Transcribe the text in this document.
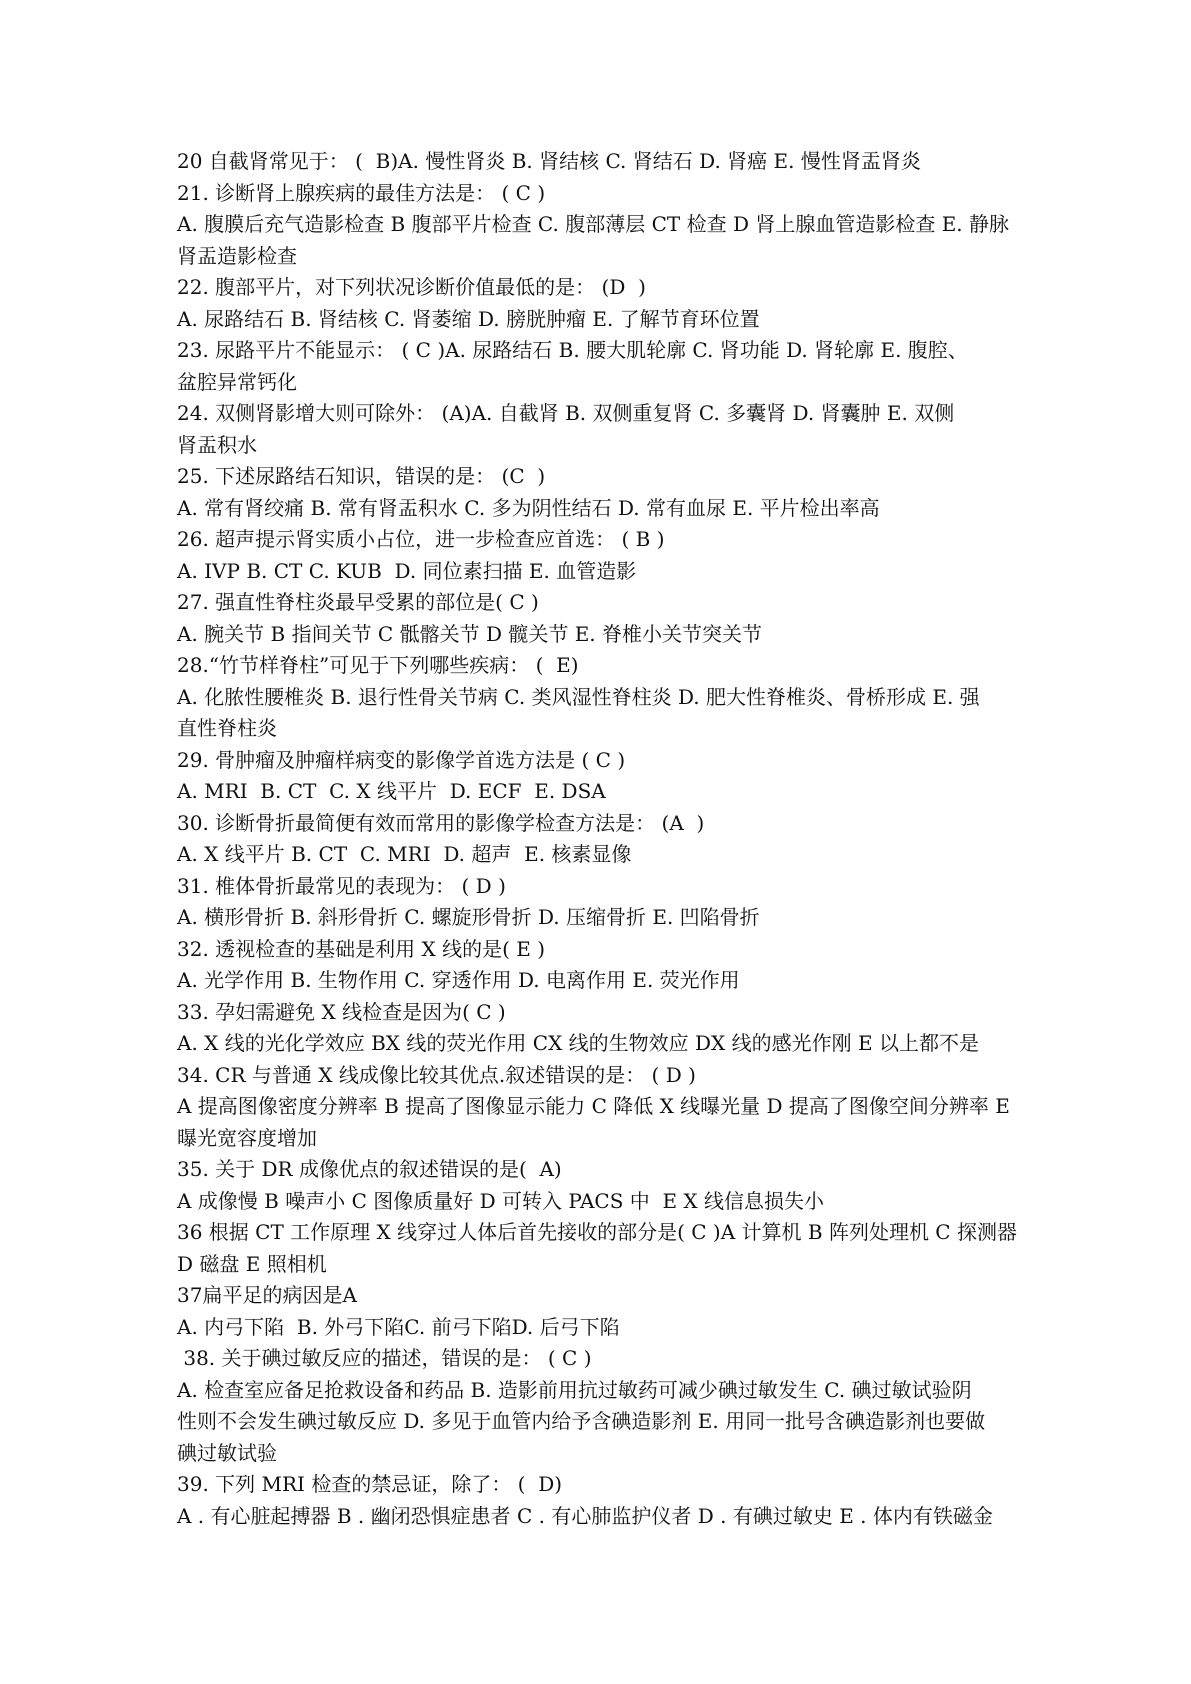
20 自截肾常见于： (  B)A. 慢性肾炎 B. 肾结核 C. 肾结石 D. 肾癌 E. 慢性肾盂肾炎
21. 诊断肾上腺疾病的最佳方法是： ( C )
A. 腹膜后充气造影检查 B 腹部平片检查 C. 腹部薄层 CT 检查 D 肾上腺血管造影检查 E. 静脉
肾盂造影检查
22. 腹部平片，对下列状况诊断价值最低的是： (D  )
A. 尿路结石 B. 肾结核 C. 肾萎缩 D. 膀胱肿瘤 E. 了解节育环位置
23. 尿路平片不能显示： ( C )A. 尿路结石 B. 腰大肌轮廓 C. 肾功能 D. 肾轮廓 E. 腹腔、
盆腔异常钙化
24. 双侧肾影增大则可除外： (A)A. 自截肾 B. 双侧重复肾 C. 多囊肾 D. 肾囊肿 E. 双侧
肾盂积水
25. 下述尿路结石知识，错误的是： (C  )
A. 常有肾绞痛 B. 常有肾盂积水 C. 多为阴性结石 D. 常有血尿 E. 平片检出率高
26. 超声提示肾实质小占位，进一步检查应首选： ( B )
A. IVP B. CT C. KUB  D. 同位素扫描 E. 血管造影
27. 强直性脊柱炎最早受累的部位是( C )
A. 腕关节 B 指间关节 C 骶髂关节 D 髋关节 E. 脊椎小关节突关节
28.“竹节样脊柱”可见于下列哪些疾病： (  E)
A. 化脓性腰椎炎 B. 退行性骨关节病 C. 类风湿性脊柱炎 D. 肥大性脊椎炎、骨桥形成 E. 强
直性脊柱炎
29. 骨肿瘤及肿瘤样病变的影像学首选方法是 ( C )
A. MRI  B. CT  C. X 线平片  D. ECF  E. DSA
30. 诊断骨折最简便有效而常用的影像学检查方法是： (A  )
A. X 线平片 B. CT  C. MRI  D. 超声  E. 核素显像
31. 椎体骨折最常见的表现为： ( D )
A. 横形骨折 B. 斜形骨折 C. 螺旋形骨折 D. 压缩骨折 E. 凹陷骨折
32. 透视检查的基础是利用 X 线的是( E )
A. 光学作用 B. 生物作用 C. 穿透作用 D. 电离作用 E. 荧光作用
33. 孕妇需避免 X 线检查是因为( C )
A. X 线的光化学效应 BX 线的荧光作用 CX 线的生物效应 DX 线的感光作刚 E 以上都不是
34. CR 与普通 X 线成像比较其优点.叙述错误的是： ( D )
A 提高图像密度分辨率 B 提高了图像显示能力 C 降低 X 线曝光量 D 提高了图像空间分辨率 E
曝光宽容度增加
35. 关于 DR 成像优点的叙述错误的是(  A)
A 成像慢 B 噪声小 C 图像质量好 D 可转入 PACS 中  E X 线信息损失小
36 根据 CT 工作原理 X 线穿过人体后首先接收的部分是( C )A 计算机 B 阵列处理机 C 探测器
D 磁盘 E 照相机
37扁平足的病因是A
A. 内弓下陷  B. 外弓下陷C. 前弓下陷D. 后弓下陷
38. 关于碘过敏反应的描述，错误的是： ( C )
A. 检查室应备足抢救设备和药品 B. 造影前用抗过敏药可减少碘过敏发生 C. 碘过敏试验阴
性则不会发生碘过敏反应 D. 多见于血管内给予含碘造影剂 E. 用同一批号含碘造影剂也要做
碘过敏试验
39. 下列 MRI 检查的禁忌证，除了： (  D)
A . 有心脏起搏器 B . 幽闭恐惧症患者 C . 有心肺监护仪者 D . 有碘过敏史 E . 体内有铁磁金
